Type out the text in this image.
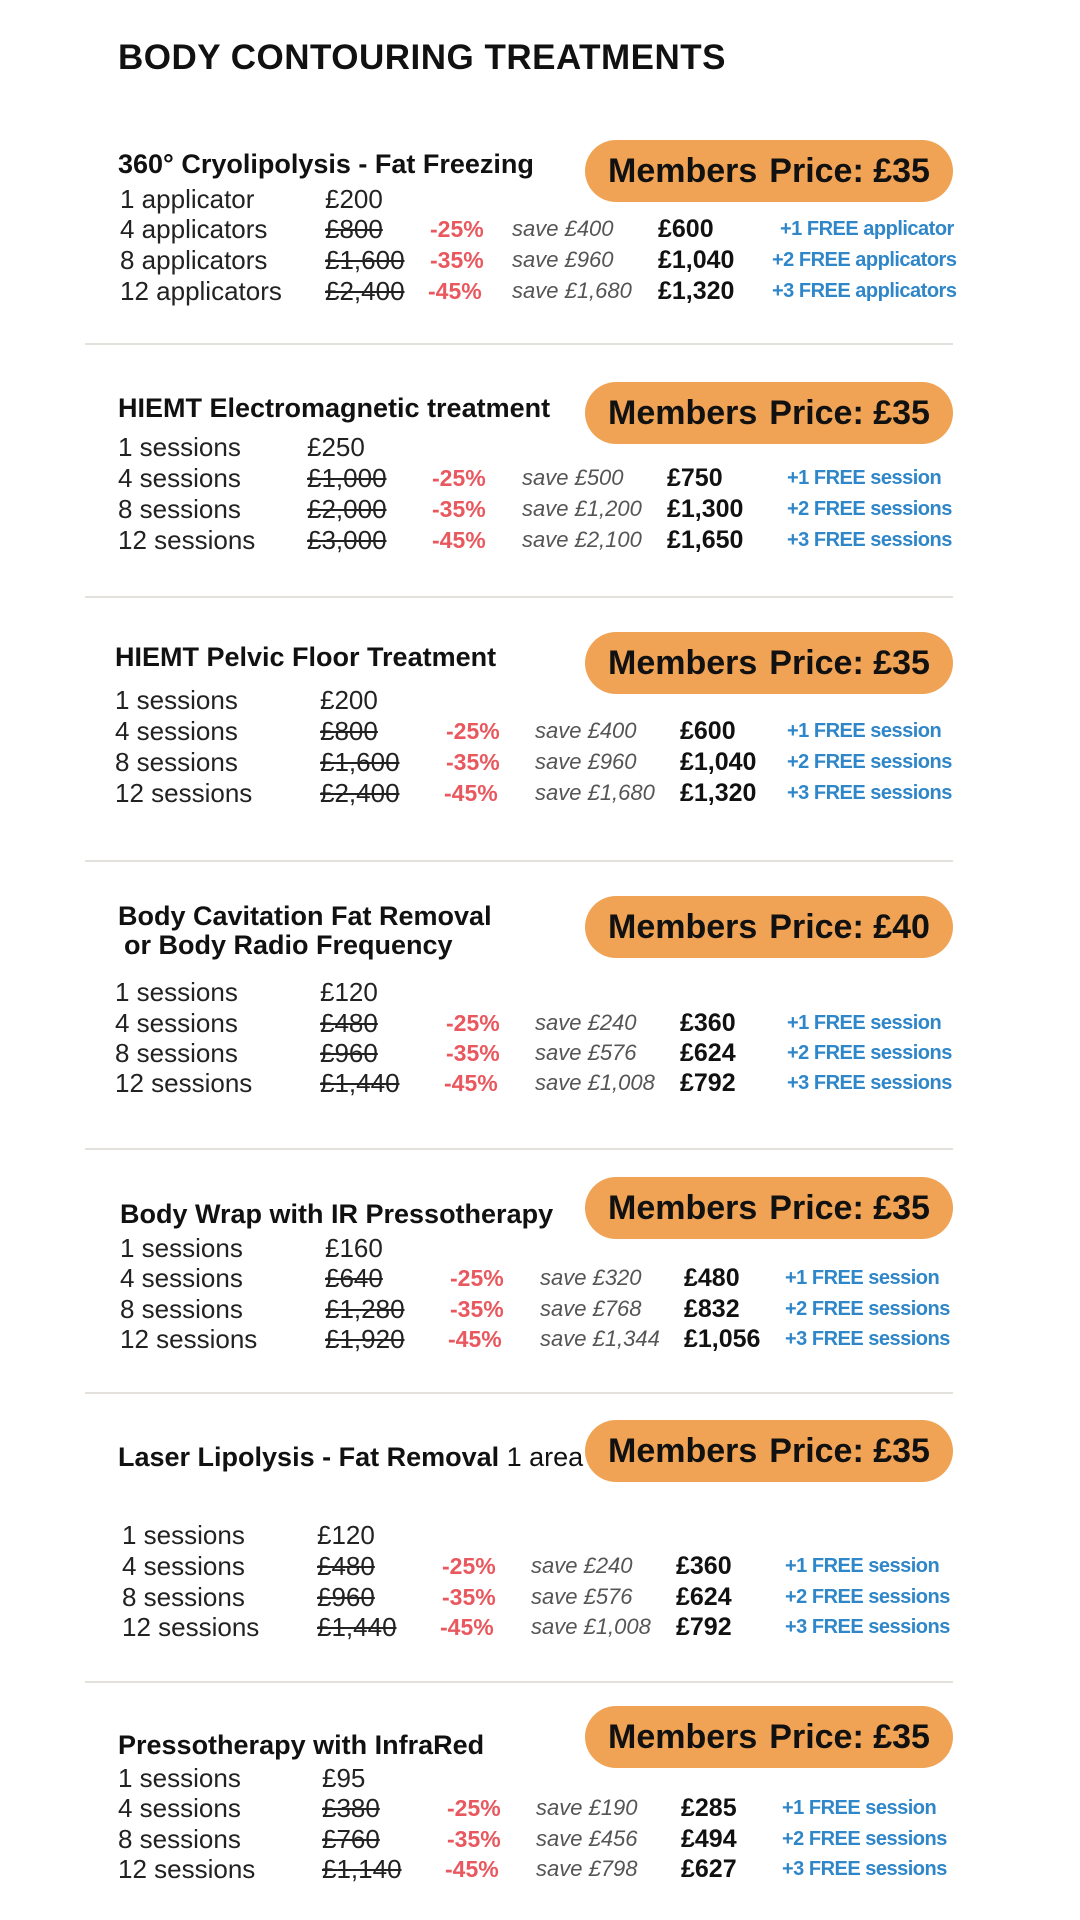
BODY CONTOURING TREATMENTS
360° Cryolipolysis - Fat Freezing Members Price: £35
1 applicator	£200
4 applicators £800 -25% save £400 £600	+1 FREE applicator
8 applicators £1,600 -35% save £960 £1,040 +2 FREE applicators
12 applicators £2,400 -45% save £1,680 £1,320 +3 FREE applicators
HIEMT Electromagnetic treatment Members Price: £35
1 sessions	£250
4 sessions	£1,000 -25% save £500 £750	+1 FREE session
8 sessions	£2,000 -35% save £1,200 £1,300 +2 FREE sessions
12 sessions £3,000 -45% save £2,100 £1,650 +3 FREE sessions
HIEMT Pelvic Floor Treatment	Members Price: £35
1 sessions	£200
4 sessions	£800	-25% save £400 £600	+1 FREE session
8 sessions	£1,600 -35% save £960 £1,040 +2 FREE sessions
12 sessions	£2,400 -45% save £1,680 £1,320 +3 FREE sessions
Body Cavitation Fat Removal
or Body Radio Frequency	Members Price: £40
1 sessions	£120
4 sessions	£480	-25% save £240 £360	+1 FREE session
8 sessions	£960	-35% save £576 £624	+2 FREE sessions
12 sessions	£1,440 -45% save £1,008 £792	+3 FREE sessions
Body Wrap with IR Pressotherapy Members Price: £35
1 sessions	£160
4 sessions	£640	-25% save £320 £480 +1 FREE session
8 sessions	£1,280 -35% save £768 £832 +2 FREE sessions
12 sessions	£1,920 -45% save £1,344 £1,056 +3 FREE sessions
Laser Lipolysis - Fat Removal 1 area Members Price: £35
1 sessions	£120
4 sessions	£480	-25% save £240 £360	+1 FREE session
8 sessions	£960	-35% save £576 £624	+2 FREE sessions
12 sessions £1,440 -45% save £1,008 £792	+3 FREE sessions
Pressotherapy with InfraRed	Members Price: £35
1 sessions	£95
4 sessions	£380	-25% save £190 £285 +1 FREE session
8 sessions	£760	-35% save £456 £494 +2 FREE sessions
12 sessions	£1,140 -45% save £798 £627 +3 FREE sessions
